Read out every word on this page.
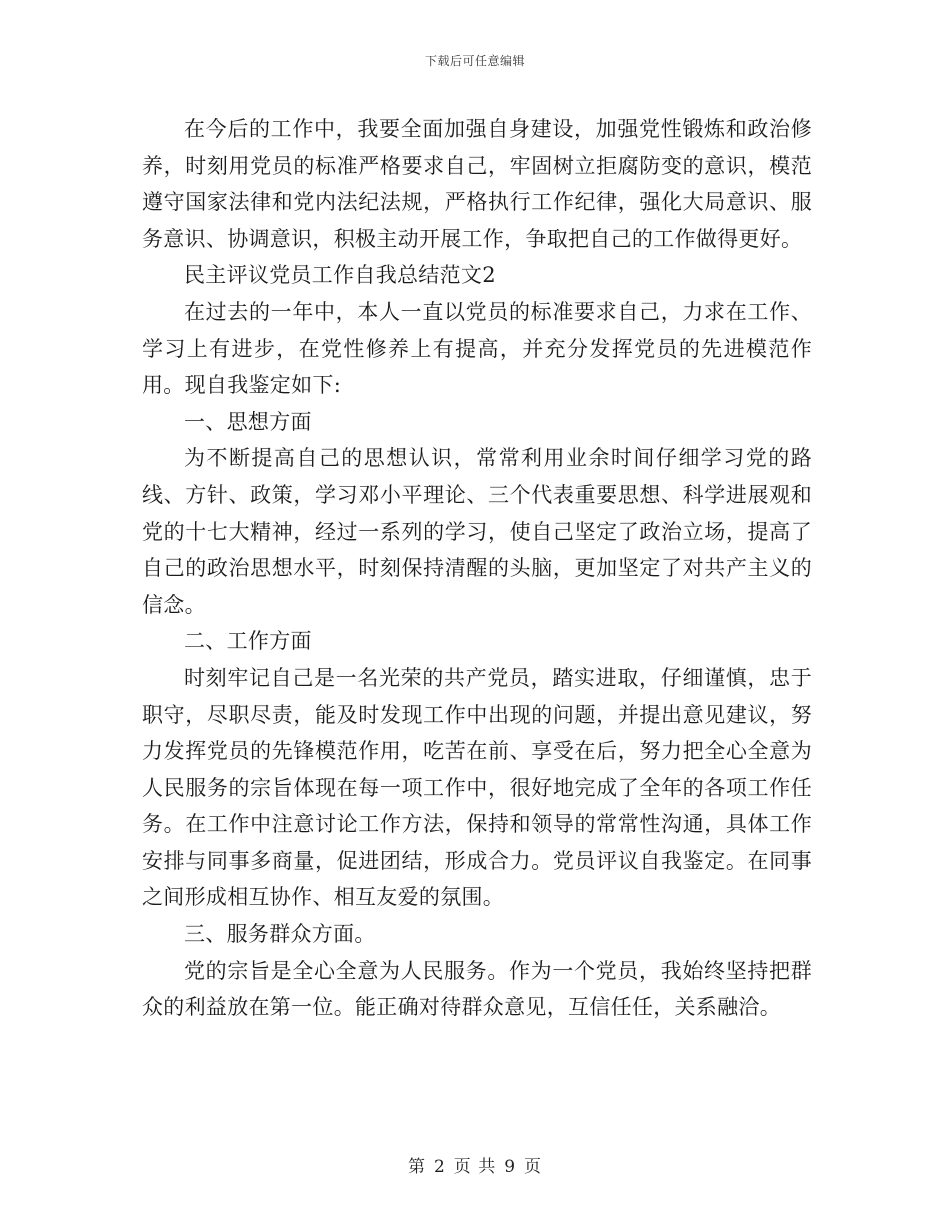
下载后可任意编辑

在今后的工作中，我要全面加强自身建设，加强党性锻炼和政治修养，时刻用党员的标准严格要求自己，牢固树立拒腐防变的意识，模范遵守国家法律和党内法纪法规，严格执行工作纪律，强化大局意识、服务意识、协调意识，积极主动开展工作，争取把自己的工作做得更好。

民主评议党员工作自我总结范文2

在过去的一年中，本人一直以党员的标准要求自己，力求在工作、学习上有进步，在党性修养上有提高，并充分发挥党员的先进模范作用。现自我鉴定如下:

一、思想方面

为不断提高自己的思想认识，常常利用业余时间仔细学习党的路线、方针、政策，学习邓小平理论、三个代表重要思想、科学进展观和党的十七大精神，经过一系列的学习，使自己坚定了政治立场，提高了自己的政治思想水平，时刻保持清醒的头脑，更加坚定了对共产主义的信念。

二、工作方面

时刻牢记自己是一名光荣的共产党员，踏实进取，仔细谨慎，忠于职守，尽职尽责，能及时发现工作中出现的问题，并提出意见建议，努力发挥党员的先锋模范作用，吃苦在前、享受在后，努力把全心全意为人民服务的宗旨体现在每一项工作中，很好地完成了全年的各项工作任务。在工作中注意讨论工作方法，保持和领导的常常性沟通，具体工作安排与同事多商量，促进团结，形成合力。党员评议自我鉴定。在同事之间形成相互协作、相互友爱的氛围。

三、服务群众方面。

党的宗旨是全心全意为人民服务。作为一个党员，我始终坚持把群众的利益放在第一位。能正确对待群众意见，互信任任，关系融洽。

第 2 页 共 9 页
